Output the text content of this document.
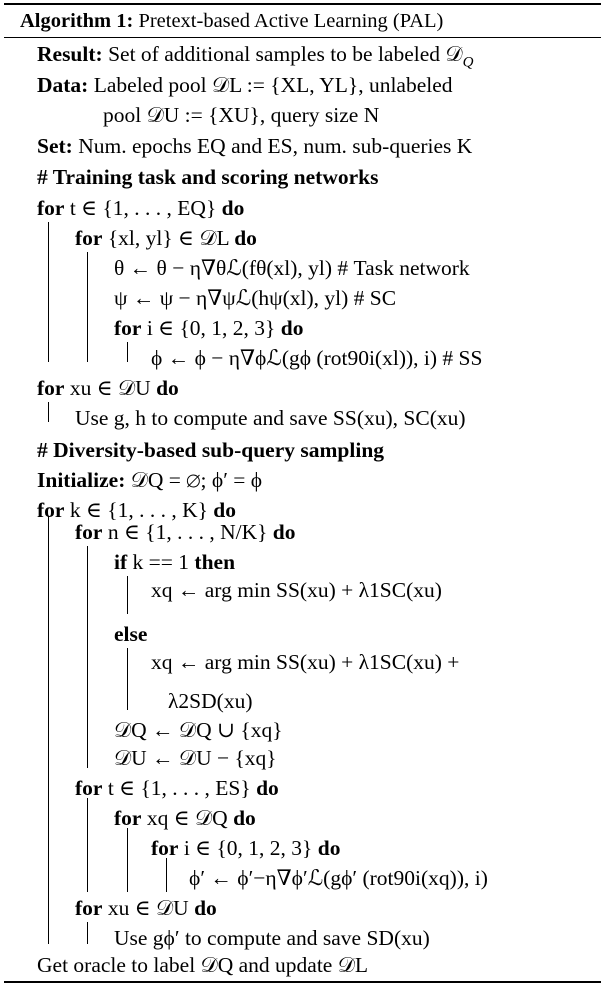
Algorithm 1: Pretext-based Active Learning (PAL)
Result: Set of additional samples to be labeled 𝒟$_Q$
Data: Labeled pool 𝒟L := {XL, YL}, unlabeled
pool 𝒟U := {XU}, query size N
Set: Num. epochs EQ and ES, num. sub-queries K
# Training task and scoring networks
for t ∈ {1, . . . , EQ} do
for {xl, yl} ∈ 𝒟L do
θ ← θ − η∇θℒ(fθ(xl), yl) # Task network
ψ ← ψ − η∇ψℒ(hψ(xl), yl) # SC
for i ∈ {0, 1, 2, 3} do
ϕ ← ϕ − η∇ϕℒ(gϕ (rot90i(xl)), i) # SS
for xu ∈ 𝒟U do
Use g, h to compute and save SS(xu), SC(xu)
# Diversity-based sub-query sampling
Initialize: 𝒟Q = ∅; ϕ′ = ϕ
for k ∈ {1, . . . , K} do
for n ∈ {1, . . . , N/K} do
if k == 1 then
xq ← arg min SS(xu) + λ1SC(xu)
else
xq ← arg min SS(xu) + λ1SC(xu) +
λ2SD(xu)
𝒟Q ← 𝒟Q ∪ {xq}
𝒟U ← 𝒟U − {xq}
for t ∈ {1, . . . , ES} do
for xq ∈ 𝒟Q do
for i ∈ {0, 1, 2, 3} do
ϕ′ ← ϕ′−η∇ϕ′ℒ(gϕ′ (rot90i(xq)), i)
for xu ∈ 𝒟U do
Use gϕ′ to compute and save SD(xu)
Get oracle to label 𝒟Q and update 𝒟L
